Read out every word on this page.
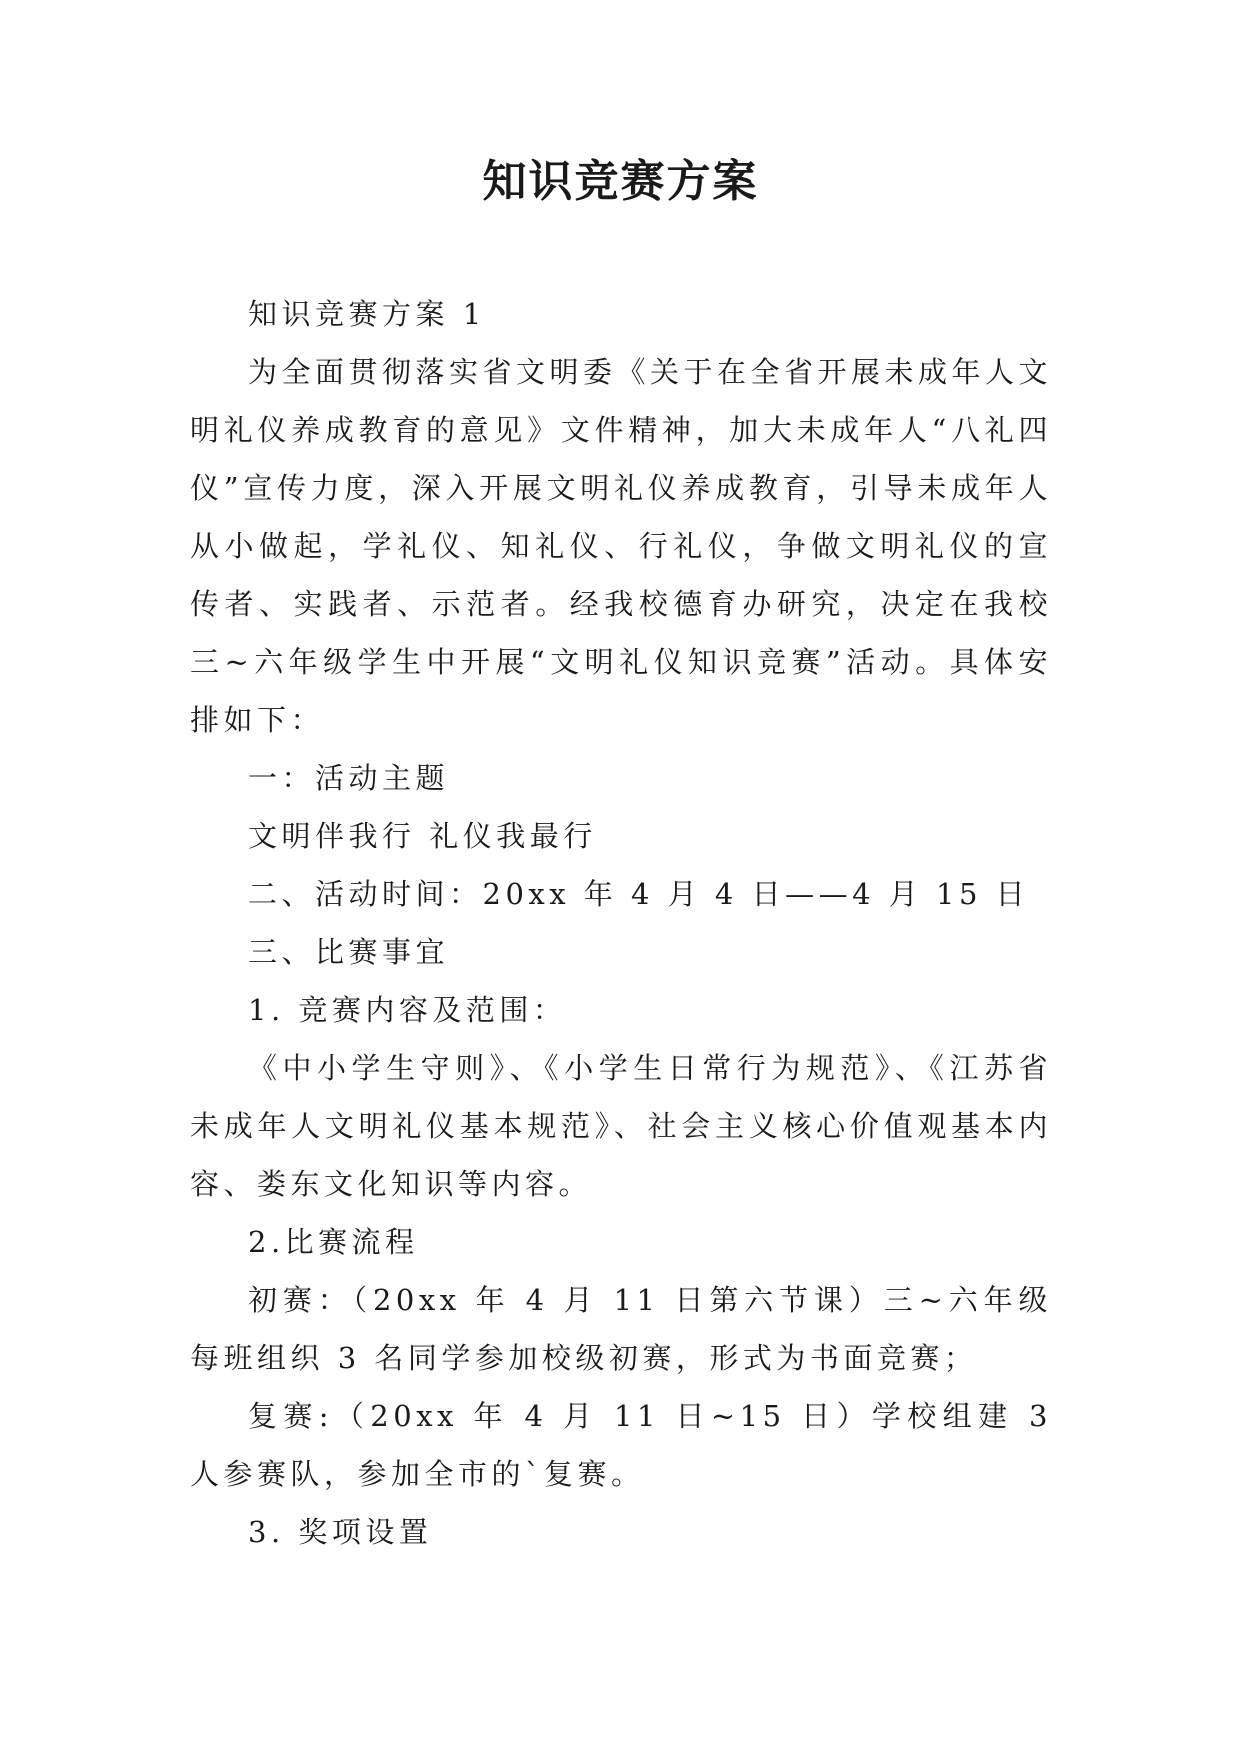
知识竞赛方案

知识竞赛方案 1

为全面贯彻落实省文明委《关于在全省开展未成年人文明礼仪养成教育的意见》文件精神，加大未成年人“八礼四仪”宣传力度，深入开展文明礼仪养成教育，引导未成年人从小做起，学礼仪、知礼仪、行礼仪，争做文明礼仪的宣传者、实践者、示范者。经我校德育办研究，决定在我校三~六年级学生中开展“文明礼仪知识竞赛”活动。具体安排如下：

一：活动主题

文明伴我行 礼仪我最行

二、活动时间：20xx 年 4 月 4 日——4 月 15 日

三、比赛事宜

1. 竞赛内容及范围：

《中小学生守则》、《小学生日常行为规范》、《江苏省未成年人文明礼仪基本规范》、社会主义核心价值观基本内容、娄东文化知识等内容。

2.比赛流程

初赛：（20xx 年 4 月 11 日第六节课）三~六年级每班组织 3 名同学参加校级初赛，形式为书面竞赛；

复赛:（20xx 年 4 月 11 日~15 日）学校组建 3 人参赛队，参加全市的`复赛。

3. 奖项设置
